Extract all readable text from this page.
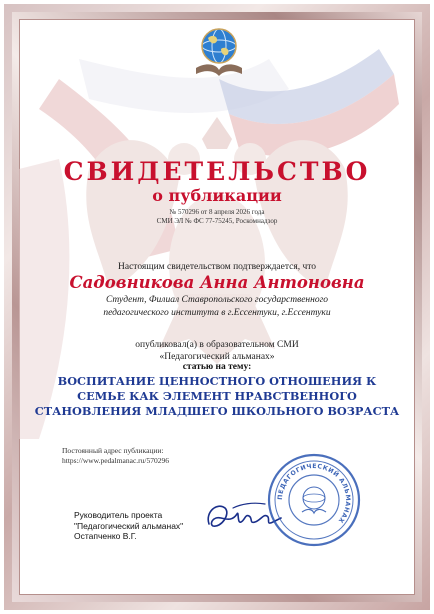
СВИДЕТЕЛЬСТВО
о публикации
№ 570296 от 8 апреля 2026 года
СМИ ЭЛ № ФС 77-75245, Роскомнадзор
Настоящим свидетельством подтверждается, что
Садовникова Анна Антоновна
Студент, Филиал Ставропольского государственного
педагогического института в г.Ессентуки, г.Ессентуки
опубликовал(а) в образовательном СМИ
«Педагогический альманах»
статью на тему:
ВОСПИТАНИЕ ЦЕННОСТНОГО ОТНОШЕНИЯ К
СЕМЬЕ КАК ЭЛЕМЕНТ НРАВСТВЕННОГО
СТАНОВЛЕНИЯ МЛАДШЕГО ШКОЛЬНОГО ВОЗРАСТА
Постоянный адрес публикации:
https://www.pedalmanac.ru/570296
Руководитель проекта
"Педагогический альманах"
Остапченко В.Г.
ПЕДАГОГИЧЕСКИЙ АЛЬМАНАХ
